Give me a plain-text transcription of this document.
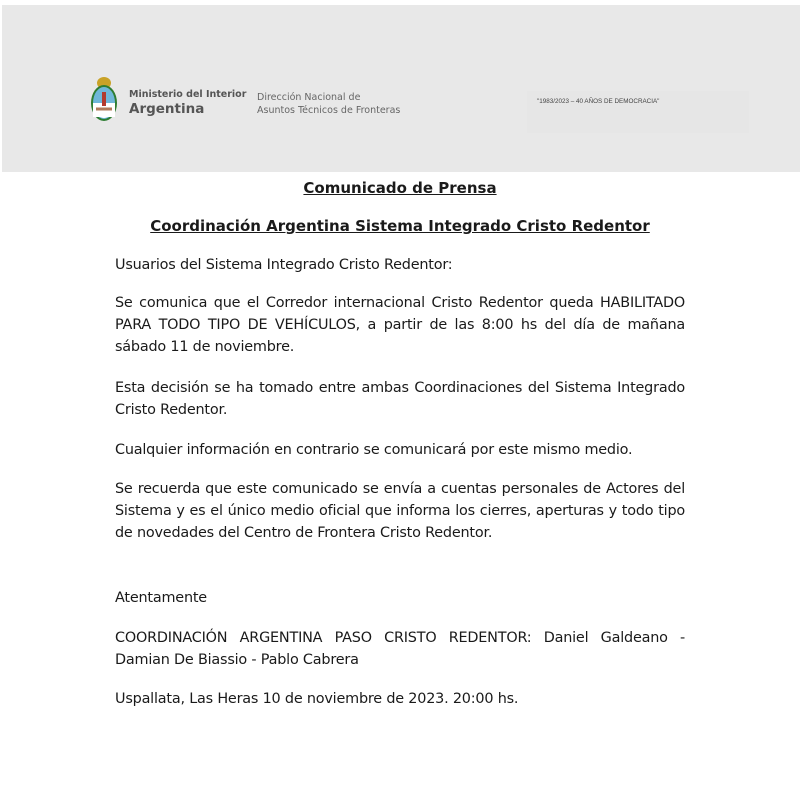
Ministerio del Interior
Argentina
Dirección Nacional de
Asuntos Técnicos de Fronteras
"1983/2023 – 40 AÑOS DE DEMOCRACIA"
Comunicado de Prensa
Coordinación Argentina Sistema Integrado Cristo Redentor
Usuarios del Sistema Integrado Cristo Redentor:
Se comunica que el Corredor internacional Cristo Redentor queda HABILITADO PARA TODO TIPO DE VEHÍCULOS, a partir de las 8:00 hs del día de mañana sábado 11 de noviembre.
Esta decisión se ha tomado entre ambas Coordinaciones del Sistema Integrado Cristo Redentor.
Cualquier información en contrario se comunicará por este mismo medio.
Se recuerda que este comunicado se envía a cuentas personales de Actores del Sistema y es el único medio oficial que informa los cierres, aperturas y todo tipo de novedades del Centro de Frontera Cristo Redentor.
Atentamente
COORDINACIÓN ARGENTINA PASO CRISTO REDENTOR: Daniel Galdeano - Damian De Biassio - Pablo Cabrera
Uspallata, Las Heras 10 de noviembre de 2023. 20:00 hs.
